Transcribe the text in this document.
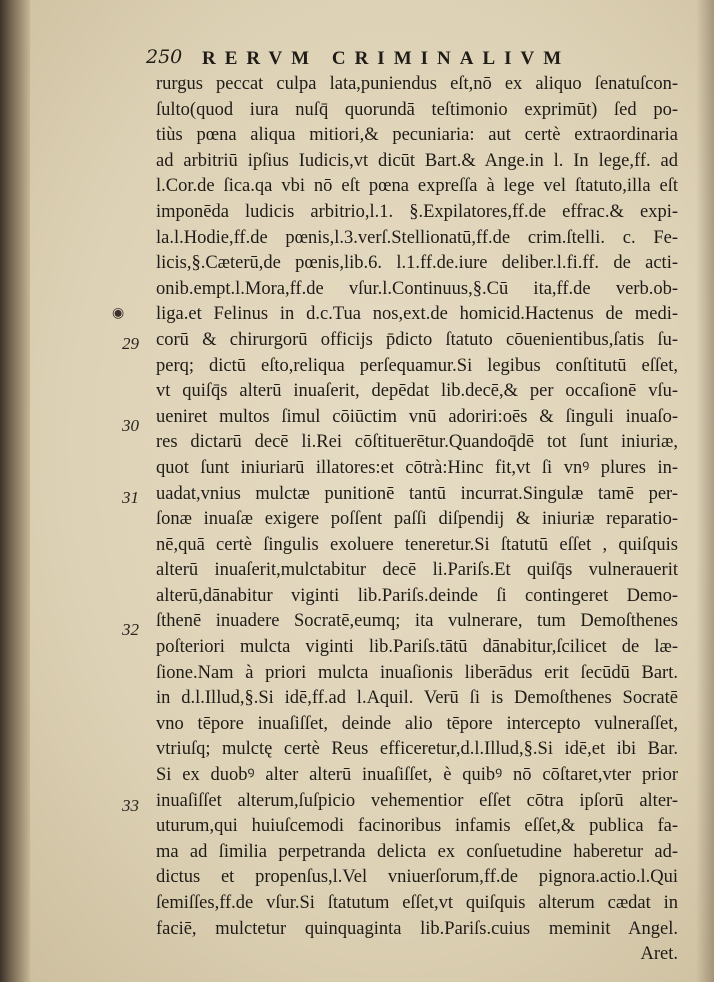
250 RERVM CRIMINALIVM
◉
29
30
31
32
33
rurgus peccat culpa lata,puniendus eſt,nō ex aliquo ſenatuſcon-
ſulto(quod iura nuſq̄ quorundā teſtimonio exprimūt) ſed po-
tiùs pœna aliqua mitiori,& pecuniaria: aut certè extraordinaria
ad arbitriū ipſius Iudicis,vt dicūt Bart.& Ange.in l. In lege,ff. ad
l.Cor.de ſica.qa vbi nō eſt pœna expreſſa à lege vel ſtatuto,illa eſt
imponēda ludicis arbitrio,l.1. §.Expilatores,ff.de effrac.& expi-
la.l.Hodie,ff.de pœnis,l.3.verſ.Stellionatū,ff.de crim.ſtelli. c. Fe-
licis,§.Cæterū,de pœnis,lib.6. l.1.ff.de.iure deliber.l.fi.ff. de acti-
onib.empt.l.Mora,ff.de vſur.l.Continuus,§.Cū ita,ff.de verb.ob-
liga.et Felinus in d.c.Tua nos,ext.de homicid.Hactenus de medi-
corū & chirurgorū officijs p̄dicto ſtatuto cōuenientibus,ſatis ſu-
perq; dictū eſto,reliqua perſequamur.Si legibus conſtitutū eſſet,
vt quiſq̄s alterū inuaſerit, depēdat lib.decē,& per occaſionē vſu-
ueniret multos ſimul cōiūctim vnū adoriri:oēs & ſinguli inuaſo-
res dictarū decē li.Rei cōſtituerētur.Quandoq̄dē tot ſunt iniuriæ,
quot ſunt iniuriarū illatores:et cōtrà:Hinc fit,vt ſi vnꝰ plures in-
uadat,vnius mulctæ punitionē tantū incurrat.Singulæ tamē per-
ſonæ inuaſæ exigere poſſent paſſi diſpendij & iniuriæ reparatio-
nē,quā certè ſingulis exoluere teneretur.Si ſtatutū eſſet , quiſquis
alterū inuaſerit,mulctabitur decē li.Pariſs.Et quiſq̄s vulnerauerit
alterū,dānabitur viginti lib.Pariſs.deinde ſi contingeret Demo-
ſthenē inuadere Socratē,eumq; ita vulnerare, tum Demoſthenes
poſteriori mulcta viginti lib.Pariſs.tātū dānabitur,ſcilicet de læ-
ſione.Nam à priori mulcta inuaſionis liberādus erit ſecūdū Bart.
in d.l.Illud,§.Si idē,ff.ad l.Aquil. Verū ſi is Demoſthenes Socratē
vno tēpore inuaſiſſet, deinde alio tēpore intercepto vulneraſſet,
vtriuſq; mulctę certè Reus efficeretur,d.l.Illud,§.Si idē,et ibi Bar.
Si ex duobꝰ alter alterū inuaſiſſet, è quibꝰ nō cōſtaret,vter prior
inuaſiſſet alterum,ſuſpicio vehementior eſſet cōtra ipſorū alter-
uturum,qui huiuſcemodi facinoribus infamis eſſet,& publica fa-
ma ad ſimilia perpetranda delicta ex conſuetudine haberetur ad-
dictus et propenſus,l.Vel vniuerſorum,ff.de pignora.actio.l.Qui
ſemiſſes,ff.de vſur.Si ſtatutum eſſet,vt quiſquis alterum cædat in
faciē, mulctetur quinquaginta lib.Pariſs.cuius meminit Angel.
Aret.
